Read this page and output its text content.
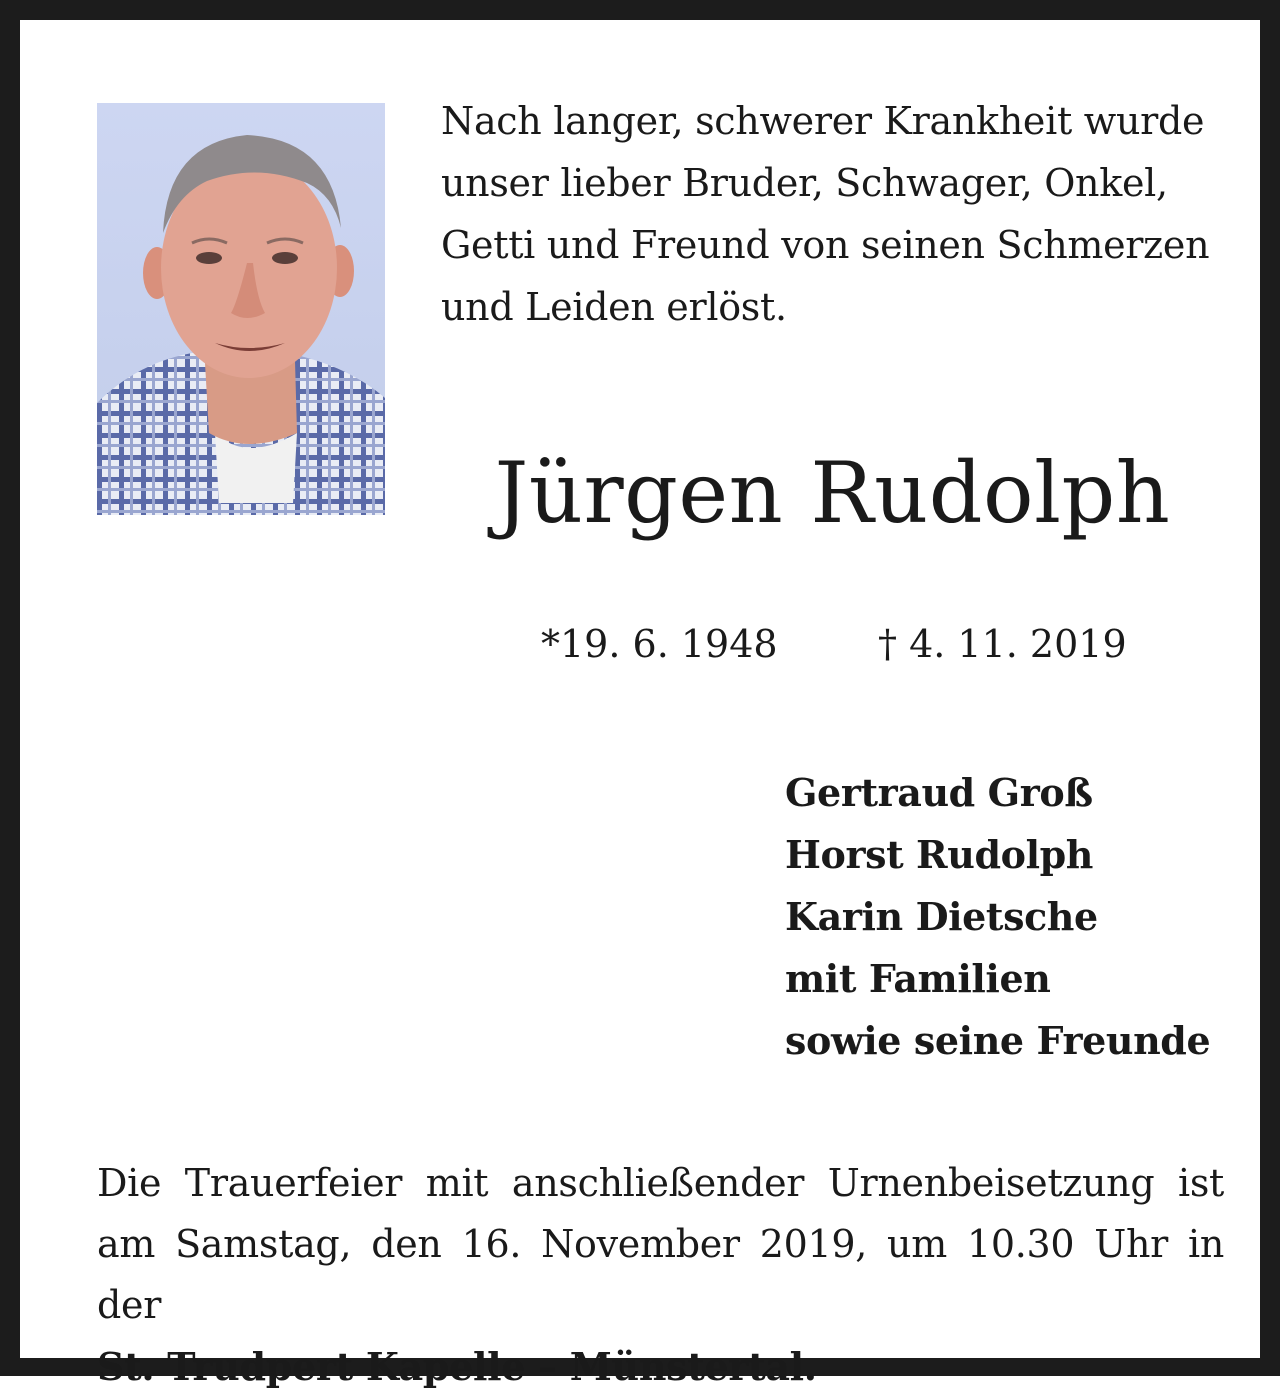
Nach langer, schwerer Krankheit wurde
unser lieber Bruder, Schwager, Onkel,
Getti und Freund von seinen Schmerzen
und Leiden erlöst.
Jürgen Rudolph
*19. 6. 1948	† 4. 11. 2019
Gertraud Groß
Horst Rudolph
Karin Dietsche
mit Familien
sowie seine Freunde
Die Trauerfeier mit anschließender Urnenbeisetzung ist
am Samstag, den 16. November 2019, um 10.30 Uhr in der
St. Trudpert Kapelle – Münstertal.
